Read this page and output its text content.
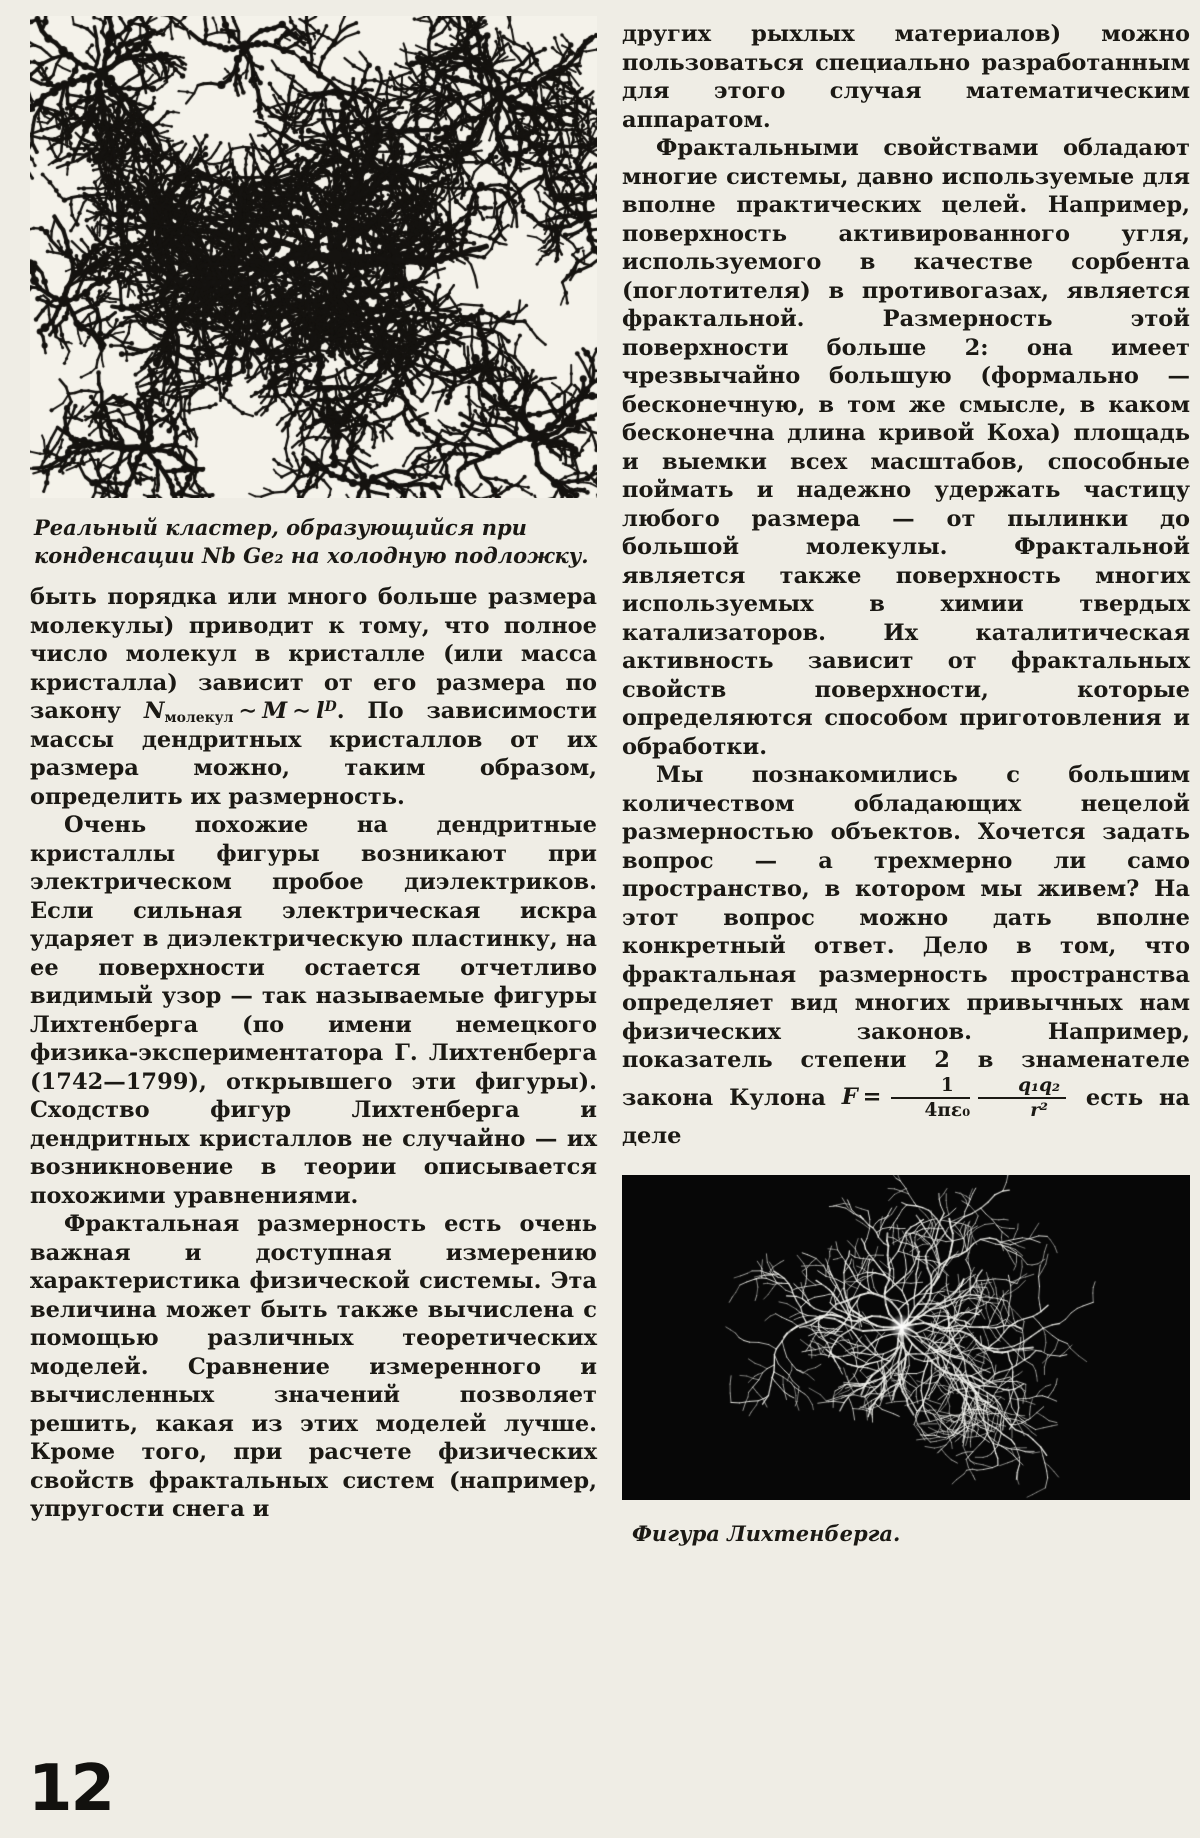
Реальный кластер, образующийся при конденсации Nb Ge₂ на холодную подложку.

быть порядка или много больше размера молекулы) приводит к тому, что полное число молекул в кристалле (или масса кристалла) зависит от его размера по закону $N_{молекул}$ ∼ M ∼ $l^D$. По зависимости массы дендритных кристаллов от их размера можно, таким образом, определить их размерность.

Очень похожие на дендритные кристаллы фигуры возникают при электрическом пробое диэлектриков. Если сильная электрическая искра ударяет в диэлектрическую пластинку, на ее поверхности остается отчетливо видимый узор — так называемые фигуры Лихтенберга (по имени немецкого физика-экспериментатора Г. Лихтенберга (1742—1799), открывшего эти фигуры). Сходство фигур Лихтенберга и дендритных кристаллов не случайно — их возникновение в теории описывается похожими уравнениями.

Фрактальная размерность есть очень важная и доступная измерению характеристика физической системы. Эта величина может быть также вычислена с помощью различных теоретических моделей. Сравнение измеренного и вычисленных значений позволяет решить, какая из этих моделей лучше. Кроме того, при расчете физических свойств фрактальных систем (например, упругости снега и

других рыхлых материалов) можно пользоваться специально разработанным для этого случая математическим аппаратом.

Фрактальными свойствами обладают многие системы, давно используемые для вполне практических целей. Например, поверхность активированного угля, используемого в качестве сорбента (поглотителя) в противогазах, является фрактальной. Размерность этой поверхности больше 2: она имеет чрезвычайно большую (формально — бесконечную, в том же смысле, в каком бесконечна длина кривой Коха) площадь и выемки всех масштабов, способные поймать и надежно удержать частицу любого размера — от пылинки до большой молекулы. Фрактальной является также поверхность многих используемых в химии твердых катализаторов. Их каталитическая активность зависит от фрактальных свойств поверхности, которые определяются способом приготовления и обработки.

Мы познакомились с большим количеством обладающих нецелой размерностью объектов. Хочется задать вопрос — а трехмерно ли само пространство, в котором мы живем? На этот вопрос можно дать вполне конкретный ответ. Дело в том, что фрактальная размерность пространства определяет вид многих привычных нам физических законов. Например, показатель степени 2 в знаменателе закона Кулона $F = \frac{1}{\text{4πε₀}} \frac{\text{q₁q₂}}{\text{r²}}$ есть на деле

Фигура Лихтенберга.

12
